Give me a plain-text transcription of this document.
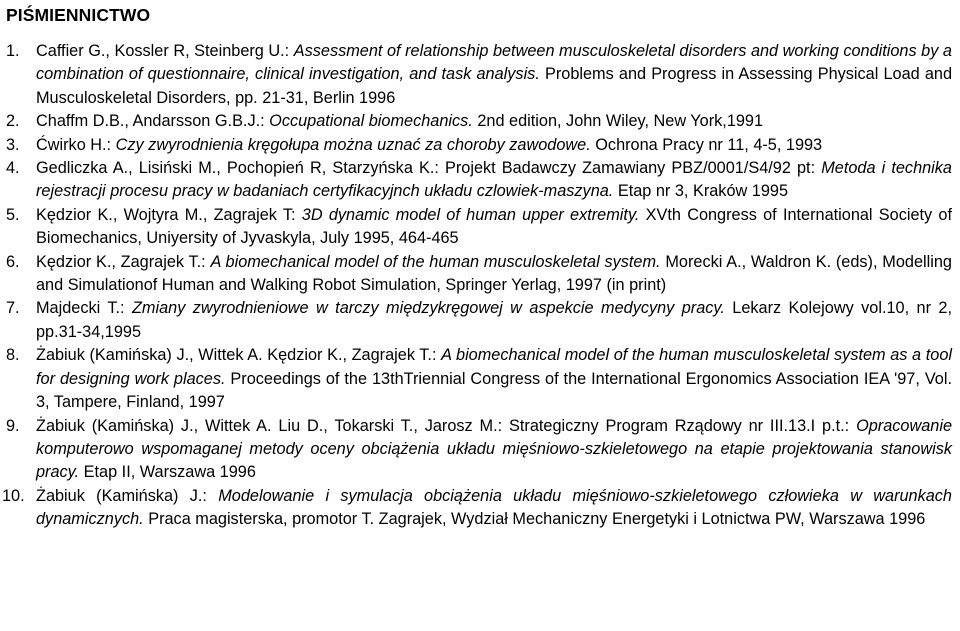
PIŚMIENNICTWO
1. Caffier G., Kossler R, Steinberg U.: Assessment of relationship between musculoskeletal disorders and working conditions by a combination of questionnaire, clinical investigation, and task analysis. Problems and Progress in Assessing Physical Load and Musculoskeletal Disorders, pp. 21-31, Berlin 1996
2. Chaffm D.B., Andarsson G.B.J.: Occupational biomechanics. 2nd edition, John Wiley, New York,1991
3. Ćwirko H.: Czy zwyrodnienia kręgołupa można uznać za choroby zawodowe. Ochrona Pracy nr 11, 4-5, 1993
4. Gedliczka A., Lisiński M., Pochopień R, Starzyńska K.: Projekt Badawczy Zamawiany PBZ/0001/S4/92 pt: Metoda i technika rejestracji procesu pracy w badaniach certyfikacyjnch układu czlowiek-maszyna. Etap nr 3, Kraków 1995
5. Kędzior K., Wojtyra M., Zagrajek T: 3D dynamic model of human upper extremity. XVth Congress of International Society of Biomechanics, Uniyersity of Jyvaskyla, July 1995, 464-465
6. Kędzior K., Zagrajek T.: A biomechanical model of the human musculoskeletal system. Morecki A., Waldron K. (eds), Modelling and Simulationof Human and Walking Robot Simulation, Springer Yerlag, 1997 (in print)
7. Majdecki T.: Zmiany zwyrodnieniowe w tarczy międzykręgowej w aspekcie medycyny pracy. Lekarz Kolejowy vol.10, nr 2, pp.31-34,1995
8. Żabiuk (Kamińska) J., Wittek A. Kędzior K., Zagrajek T.: A biomechanical model of the human musculoskeletal system as a tool for designing work places. Proceedings of the 13thTriennial Congress of the International Ergonomics Association IEA '97, Vol. 3, Tampere, Finland, 1997
9. Żabiuk (Kamińska) J., Wittek A. Liu D., Tokarski T., Jarosz M.: Strategiczny Program Rządowy nr III.13.I p.t.: Opracowanie komputerowo wspomaganej metody oceny obciążenia układu mięśniowo-szkieletowego na etapie projektowania stanowisk pracy. Etap II, Warszawa 1996
10. Żabiuk (Kamińska) J.: Modelowanie i symulacja obciążenia układu mięśniowo-szkieletowego człowieka w warunkach dynamicznych. Praca magisterska, promotor T. Zagrajek, Wydział Mechaniczny Energetyki i Lotnictwa PW, Warszawa 1996
